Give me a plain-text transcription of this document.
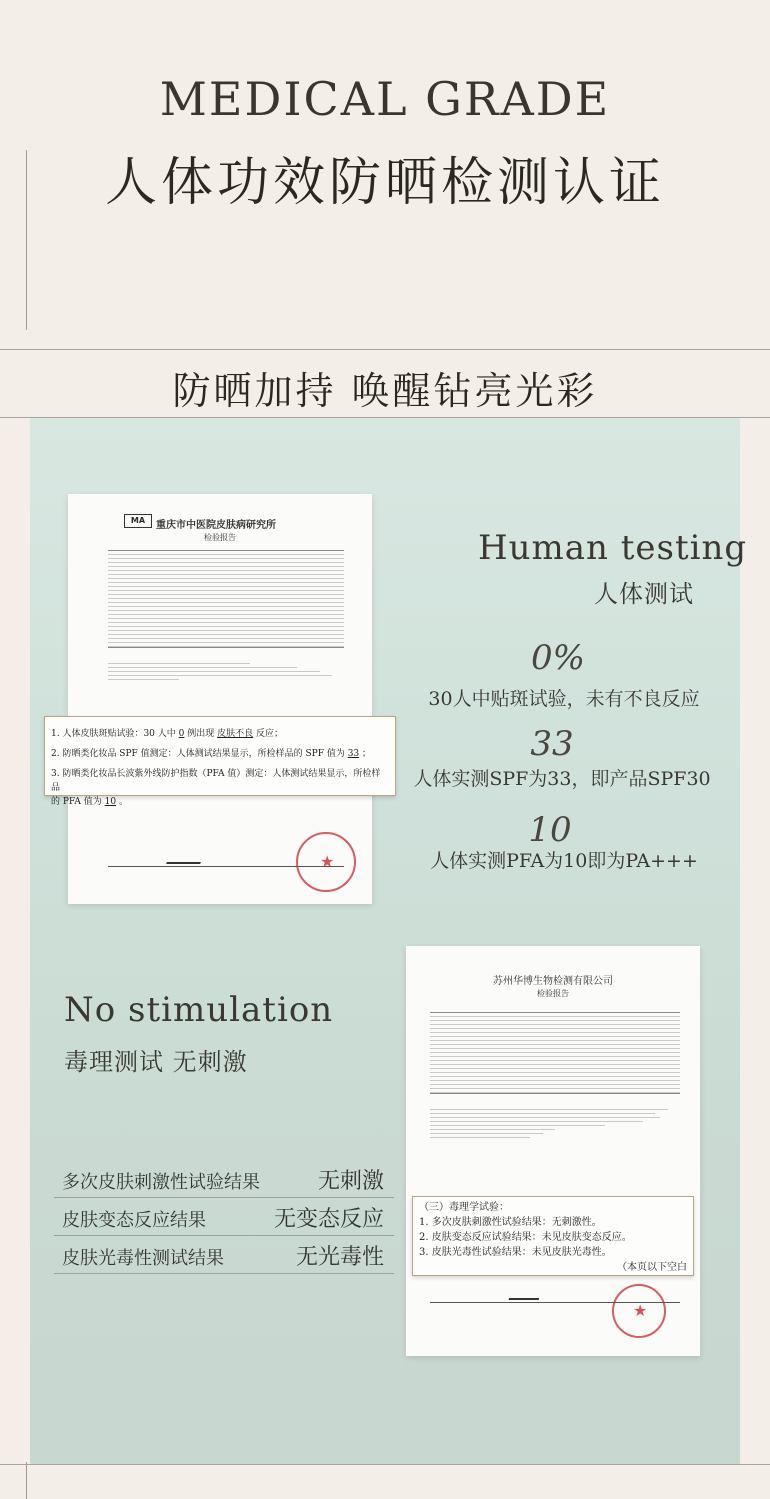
MEDICAL GRADE
人体功效防晒检测认证
防晒加持 唤醒钻亮光彩
MA	重庆市中医院皮肤病研究所
检验报告
★
1. 人体皮肤斑贴试验：30 人中 0 例出现 皮肤不良 反应；
2. 防晒类化妆品 SPF 值测定：人体测试结果显示，所检样品的 SPF 值为 33 ；
3. 防晒类化妆品长波紫外线防护指数（PFA 值）测定：人体测试结果显示，所检样品
的 PFA 值为 10 。
Human testing
人体测试
0%
30人中贴斑试验，未有不良反应
33
人体实测SPF为33，即产品SPF30
10
人体实测PFA为10即为PA+++
No stimulation
毒理测试 无刺激
多次皮肤刺激性试验结果	无刺激
皮肤变态反应结果	无变态反应
皮肤光毒性测试结果	无光毒性
苏州华博生物检测有限公司
检验报告
★
（三）毒理学试验：
1. 多次皮肤刺激性试验结果：无刺激性。
2. 皮肤变态反应试验结果：未见皮肤变态反应。
3. 皮肤光毒性试验结果：未见皮肤光毒性。
（本页以下空白
